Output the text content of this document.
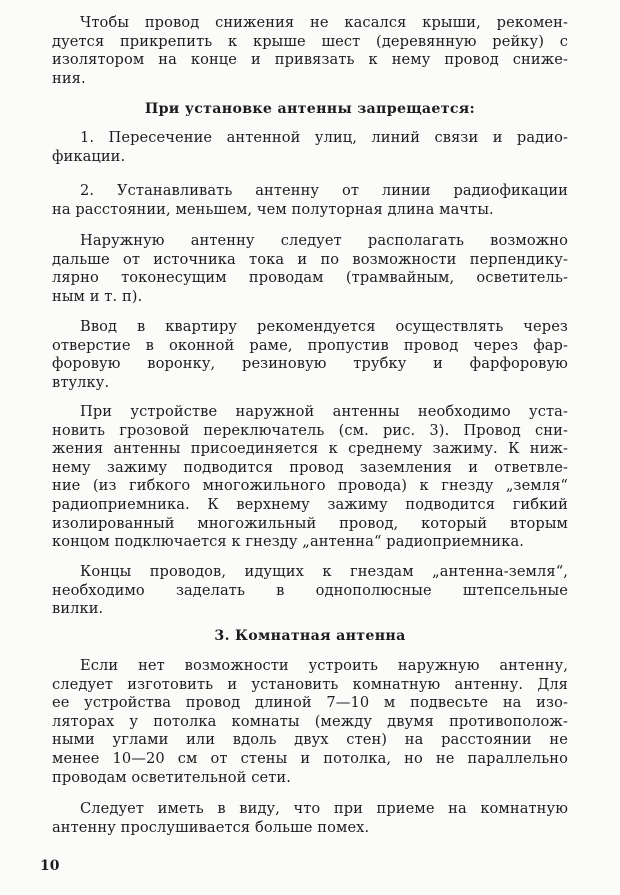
Чтобы провод снижения не касался крыши, рекомен-
дуется прикрепить к крыше шест (деревянную рейку) с
изолятором на конце и привязать к нему провод сниже-
ния.
При установке антенны запрещается:
1. Пересечение антенной улиц, линий связи и радио-
фикации.
2. Устанавливать антенну от линии радиофикации
на расстоянии, меньшем, чем полуторная длина мачты.
Наружную антенну следует располагать возможно
дальше от источника тока и по возможности перпендику-
лярно токонесущим проводам (трамвайным, осветитель-
ным и т. п).
Ввод в квартиру рекомендуется осуществлять через
отверстие в оконной раме, пропустив провод через фар-
форовую воронку, резиновую трубку и фарфоровую
втулку.
При устройстве наружной антенны необходимо уста-
новить грозовой переключатель (см. рис. 3). Провод сни-
жения антенны присоединяется к среднему зажиму. К ниж-
нему зажиму подводится провод заземления и ответвле-
ние (из гибкого многожильного провода) к гнезду „земля“
радиоприемника. К верхнему зажиму подводится гибкий
изолированный многожильный провод, который вторым
концом подключается к гнезду „антенна“ радиоприемника.
Концы проводов, идущих к гнездам „антенна-земля“,
необходимо заделать в однополюсные штепсельные
вилки.
3. Комнатная антенна
Если нет возможности устроить наружную антенну,
следует изготовить и установить комнатную антенну. Для
ее устройства провод длиной 7—10 м подвесьте на изо-
ляторах у потолка комнаты (между двумя противополож-
ными углами или вдоль двух стен) на расстоянии не
менее 10—20 см от стены и потолка, но не параллельно
проводам осветительной сети.
Следует иметь в виду, что при приеме на комнатную
антенну прослушивается больше помех.
10
